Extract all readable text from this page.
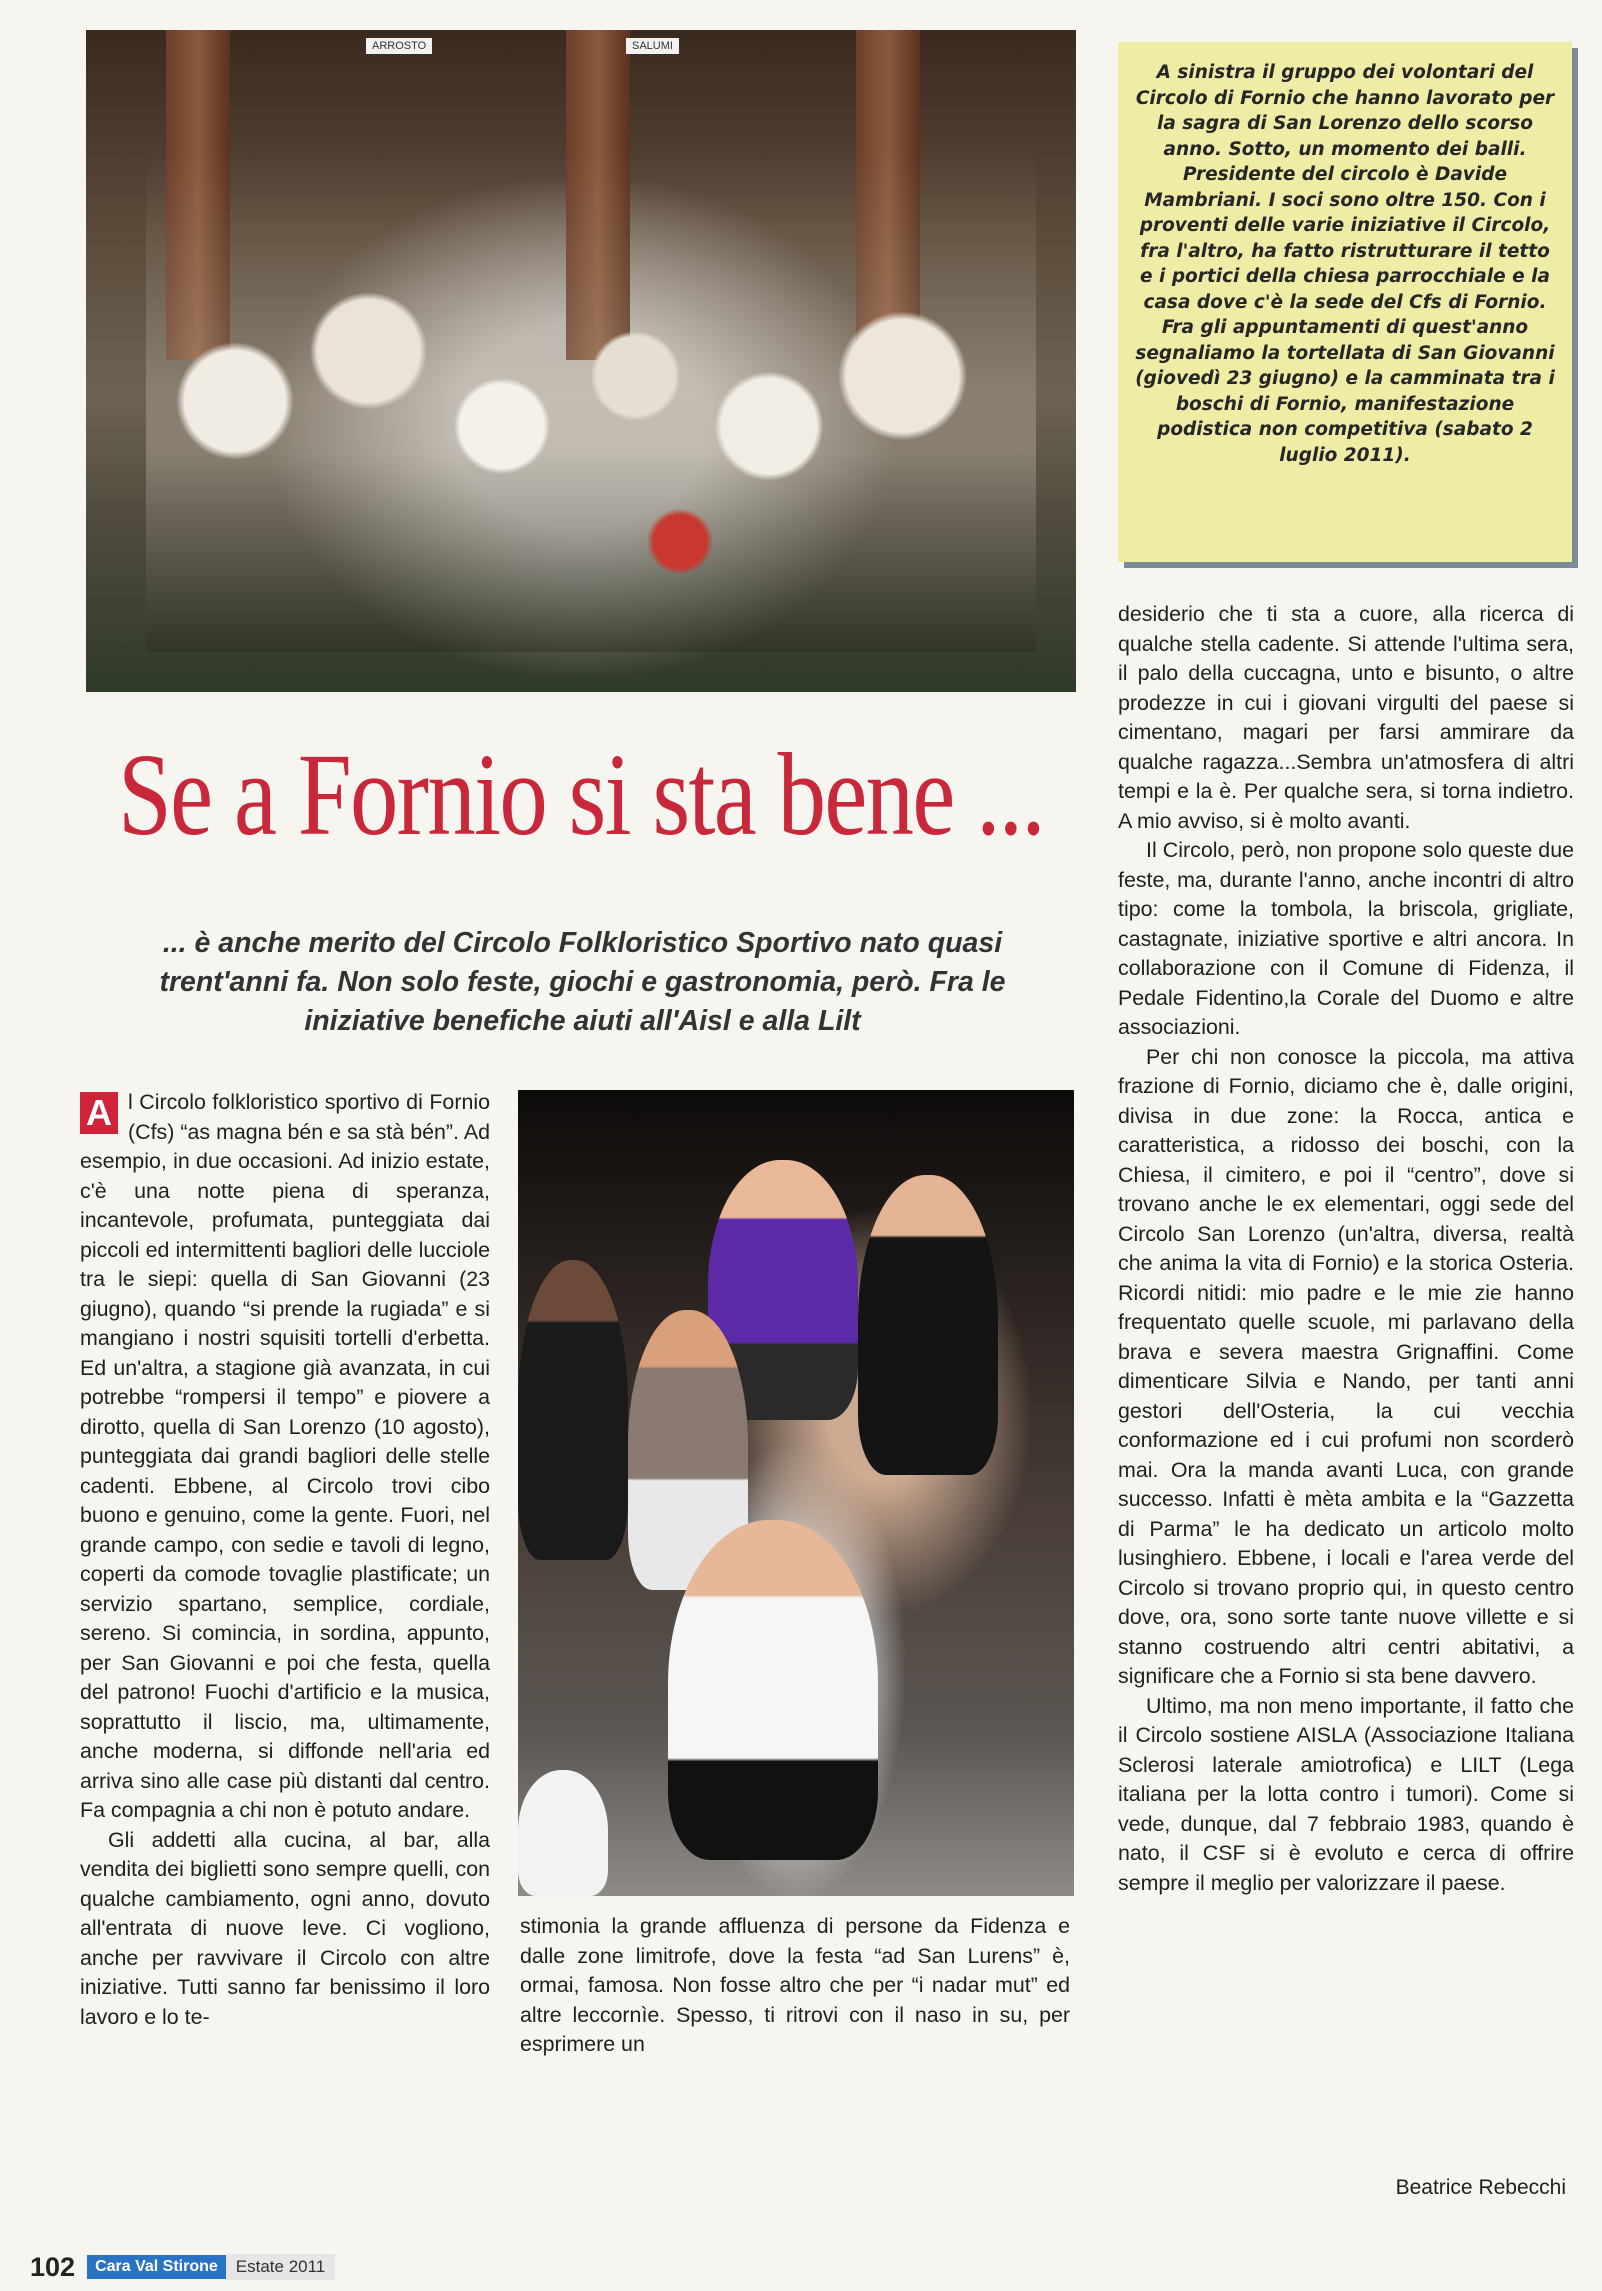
ARROSTO	SALUMI
A sinistra il gruppo dei volontari del Circolo di Fornio che hanno lavorato per la sagra di San Lorenzo dello scorso anno. Sotto, un momento dei balli. Presidente del circolo è Davide Mambriani. I soci sono oltre 150. Con i proventi delle varie iniziative il Circolo, fra l'altro, ha fatto ristrutturare il tetto e i portici della chiesa parrocchiale e la casa dove c'è la sede del Cfs di Fornio. Fra gli appuntamenti di quest'anno segnaliamo la tortellata di San Giovanni (giovedì 23 giugno) e la camminata tra i boschi di Fornio, manifestazione podistica non competitiva (sabato 2 luglio 2011).
Se a Fornio si sta bene ...
... è anche merito del Circolo Folkloristico Sportivo nato quasi trent'anni fa. Non solo feste, giochi e gastronomia, però. Fra le iniziative benefiche aiuti all'Aisl e alla Lilt

A l Circolo folkloristico sportivo di Fornio (Cfs) “as magna bén e sa stà bén”. Ad esempio, in due occasioni. Ad inizio estate, c'è una notte piena di speranza, incantevole, profumata, punteggiata dai piccoli ed intermittenti bagliori delle lucciole tra le siepi: quella di San Giovanni (23 giugno), quando “si prende la rugiada” e si mangiano i nostri squisiti tortelli d'erbetta. Ed un'altra, a stagione già avanzata, in cui potrebbe “rompersi il tempo” e piovere a dirotto, quella di San Lorenzo (10 agosto), punteggiata dai grandi bagliori delle stelle cadenti. Ebbene, al Circolo trovi cibo buono e genuino, come la gente. Fuori, nel grande campo, con sedie e tavoli di legno, coperti da comode tovaglie plastificate; un servizio spartano, semplice, cordiale, sereno. Si comincia, in sordina, appunto, per San Giovanni e poi che festa, quella del patrono! Fuochi d'artificio e la musica, soprattutto il liscio, ma, ultimamente, anche moderna, si diffonde nell'aria ed arriva sino alle case più distanti dal centro. Fa compagnia a chi non è potuto andare.

Gli addetti alla cucina, al bar, alla vendita dei biglietti sono sempre quelli, con qualche cambiamento, ogni anno, dovuto all'entrata di nuove leve. Ci vogliono, anche per ravvivare il Circolo con altre iniziative. Tutti sanno far benissimo il loro lavoro e lo te-

stimonia la grande affluenza di persone da Fidenza e dalle zone limitrofe, dove la festa “ad San Lurens” è, ormai, famosa. Non fosse altro che per “i nadar mut” ed altre leccornìe. Spesso, ti ritrovi con il naso in su, per esprimere un

desiderio che ti sta a cuore, alla ricerca di qualche stella cadente. Si attende l'ultima sera, il palo della cuccagna, unto e bisunto, o altre prodezze in cui i giovani virgulti del paese si cimentano, magari per farsi ammirare da qualche ragazza...Sembra un'atmosfera di altri tempi e la è. Per qualche sera, si torna indietro. A mio avviso, si è molto avanti.

Il Circolo, però, non propone solo queste due feste, ma, durante l'anno, anche incontri di altro tipo: come la tombola, la briscola, grigliate, castagnate, iniziative sportive e altri ancora. In collaborazione con il Comune di Fidenza, il Pedale Fidentino,la Corale del Duomo e altre associazioni.

Per chi non conosce la piccola, ma attiva frazione di Fornio, diciamo che è, dalle origini, divisa in due zone: la Rocca, antica e caratteristica, a ridosso dei boschi, con la Chiesa, il cimitero, e poi il “centro”, dove si trovano anche le ex elementari, oggi sede del Circolo San Lorenzo (un'altra, diversa, realtà che anima la vita di Fornio) e la storica Osteria. Ricordi nitidi: mio padre e le mie zie hanno frequentato quelle scuole, mi parlavano della brava e severa maestra Grignaffini. Come dimenticare Silvia e Nando, per tanti anni gestori dell'Osteria, la cui vecchia conformazione ed i cui profumi non scorderò mai. Ora la manda avanti Luca, con grande successo. Infatti è mèta ambita e la “Gazzetta di Parma” le ha dedicato un articolo molto lusinghiero. Ebbene, i locali e l'area verde del Circolo si trovano proprio qui, in questo centro dove, ora, sono sorte tante nuove villette e si stanno costruendo altri centri abitativi, a significare che a Fornio si sta bene davvero.

Ultimo, ma non meno importante, il fatto che il Circolo sostiene AISLA (Associazione Italiana Sclerosi laterale amiotrofica) e LILT (Lega italiana per la lotta contro i tumori). Come si vede, dunque, dal 7 febbraio 1983, quando è nato, il CSF si è evoluto e cerca di offrire sempre il meglio per valorizzare il paese.

Beatrice Rebecchi
102	Cara Val Stirone	Estate 2011
